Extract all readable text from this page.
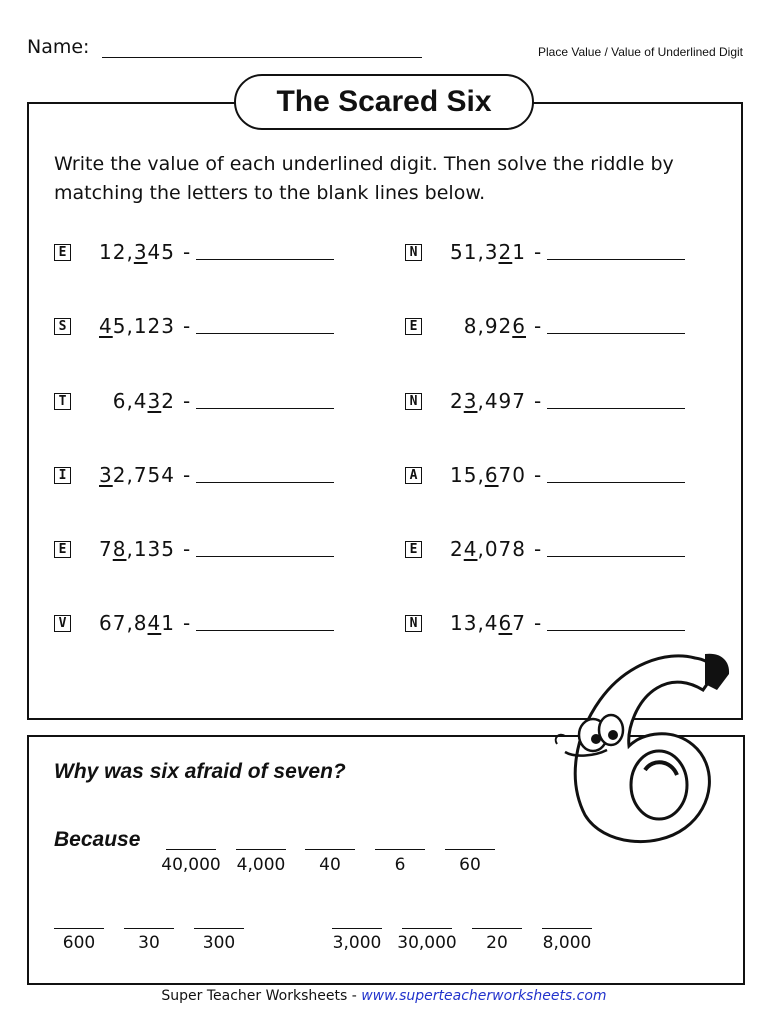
Name:	Place Value / Value of Underlined Digit
The Scared Six
Write the value of each underlined digit. Then solve the riddle by matching the letters to the blank lines below.
E	12,345 -	N	51,321 -
S	45,123 -	E	8,926 -
T	6,432 -	N	23,497 -
I	32,754 -	A	15,670 -
E	78,135 -	E	24,078 -
V	67,841 -	N	13,467 -
Why was six afraid of seven?
Because
40,000 4,000	40	6	60
600	30	300	3,000 30,000	20	8,000
Super Teacher Worksheets - www.superteacherworksheets.com
